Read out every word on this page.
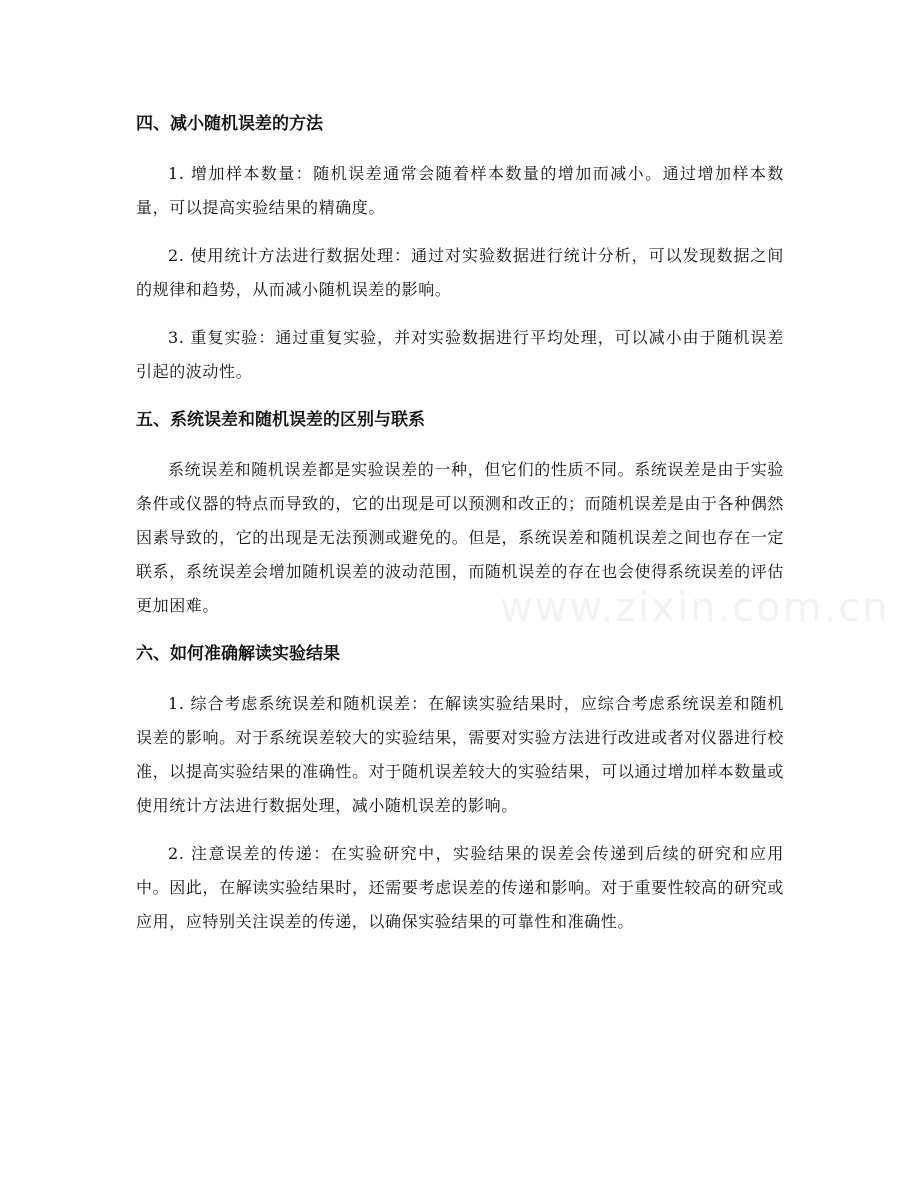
四、减小随机误差的方法

1. 增加样本数量：随机误差通常会随着样本数量的增加而减小。通过增加样本数量，可以提高实验结果的精确度。

2. 使用统计方法进行数据处理：通过对实验数据进行统计分析，可以发现数据之间的规律和趋势，从而减小随机误差的影响。

3. 重复实验：通过重复实验，并对实验数据进行平均处理，可以减小由于随机误差引起的波动性。

五、系统误差和随机误差的区别与联系

系统误差和随机误差都是实验误差的一种，但它们的性质不同。系统误差是由于实验条件或仪器的特点而导致的，它的出现是可以预测和改正的；而随机误差是由于各种偶然因素导致的，它的出现是无法预测或避免的。但是，系统误差和随机误差之间也存在一定联系，系统误差会增加随机误差的波动范围，而随机误差的存在也会使得系统误差的评估更加困难。

六、如何准确解读实验结果

1. 综合考虑系统误差和随机误差：在解读实验结果时，应综合考虑系统误差和随机误差的影响。对于系统误差较大的实验结果，需要对实验方法进行改进或者对仪器进行校准，以提高实验结果的准确性。对于随机误差较大的实验结果，可以通过增加样本数量或使用统计方法进行数据处理，减小随机误差的影响。

2. 注意误差的传递：在实验研究中，实验结果的误差会传递到后续的研究和应用中。因此，在解读实验结果时，还需要考虑误差的传递和影响。对于重要性较高的研究或应用，应特别关注误差的传递，以确保实验结果的可靠性和准确性。

www.zixin.com.cn
